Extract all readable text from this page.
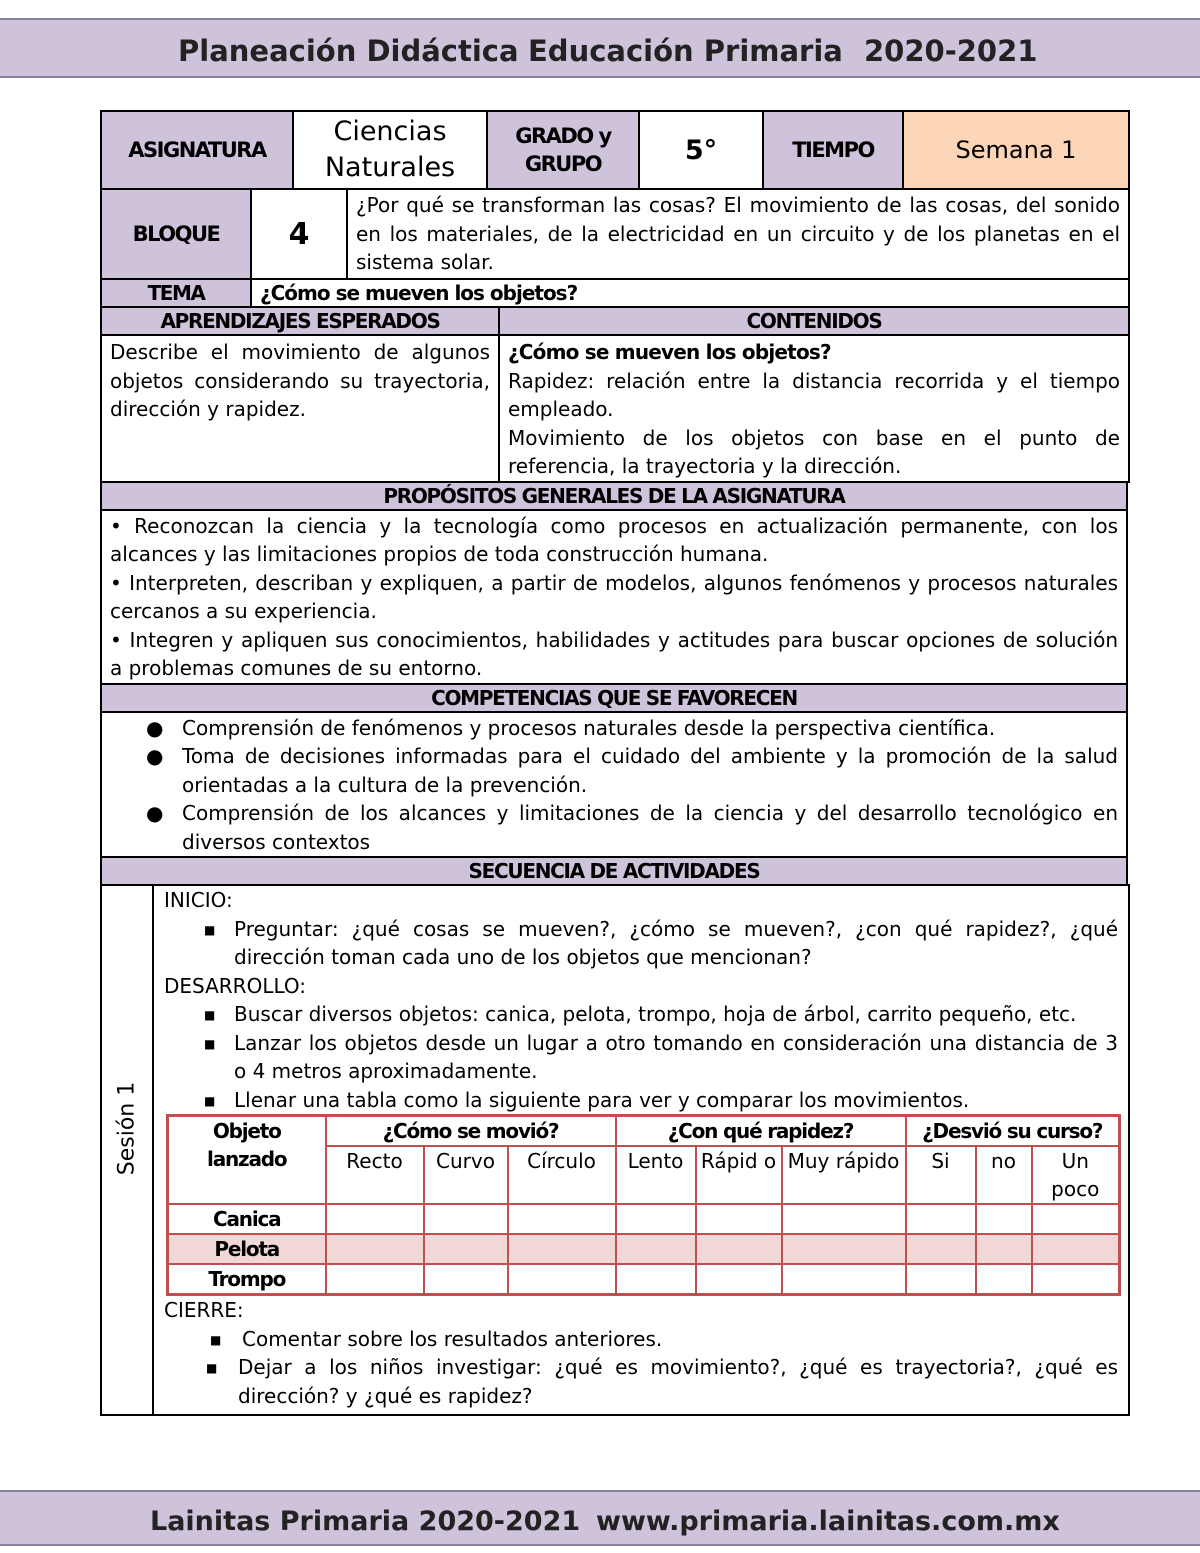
Planeación Didáctica Educación Primaria 2020-2021
ASIGNATURA	Ciencias Naturales	GRADO y GRUPO	5°	TIEMPO	Semana 1
BLOQUE	4	¿Por qué se transforman las cosas? El movimiento de las cosas, del sonido en los materiales, de la electricidad en un circuito y de los planetas en el sistema solar.
TEMA	¿Cómo se mueven los objetos?	
APRENDIZAJES ESPERADOS	CONTENIDOS
Describe el movimiento de algunos objetos considerando su trayectoria, dirección y rapidez.	¿Cómo se mueven los objetos?
Rapidez: relación entre la distancia recorrida y el tiempo empleado.
Movimiento de los objetos con base en el punto de referencia, la trayectoria y la dirección.
PROPÓSITOS GENERALES DE LA ASIGNATURA

• Reconozcan la ciencia y la tecnología como procesos en actualización permanente, con los alcances y las limitaciones propios de toda construcción humana.
• Interpreten, describan y expliquen, a partir de modelos, algunos fenómenos y procesos naturales cercanos a su experiencia.
• Integren y apliquen sus conocimientos, habilidades y actitudes para buscar opciones de solución a problemas comunes de su entorno.

COMPETENCIAS QUE SE FAVORECEN

● Comprensión de fenómenos y procesos naturales desde la perspectiva científica.
● Toma de decisiones informadas para el cuidado del ambiente y la promoción de la salud orientadas a la cultura de la prevención.
● Comprensión de los alcances y limitaciones de la ciencia y del desarrollo tecnológico en diversos contextos

SECUENCIA DE ACTIVIDADES
Sesión 1

INICIO:
■ Preguntar: ¿qué cosas se mueven?, ¿cómo se mueven?, ¿con qué rapidez?, ¿qué dirección toman cada uno de los objetos que mencionan?
DESARROLLO:
■ Buscar diversos objetos: canica, pelota, trompo, hoja de árbol, carrito pequeño, etc.
■ Lanzar los objetos desde un lugar a otro tomando en consideración una distancia de 3 o 4 metros aproximadamente.
■ Llenar una tabla como la siguiente para ver y comparar los movimientos.
Objeto lanzado	¿Cómo se movió?	¿Con qué rapidez?	¿Desvió su curso?
Recto	Curvo	Círculo	Lento	Rápid o	Muy rápido	Si	no	Un poco
Canica									
Pelota									
Trompo									
CIERRE:
■ Comentar sobre los resultados anteriores.
■ Dejar a los niños investigar: ¿qué es movimiento?, ¿qué es trayectoria?, ¿qué es dirección? y ¿qué es rapidez?
Lainitas Primaria 2020-2021 www.primaria.lainitas.com.mx
